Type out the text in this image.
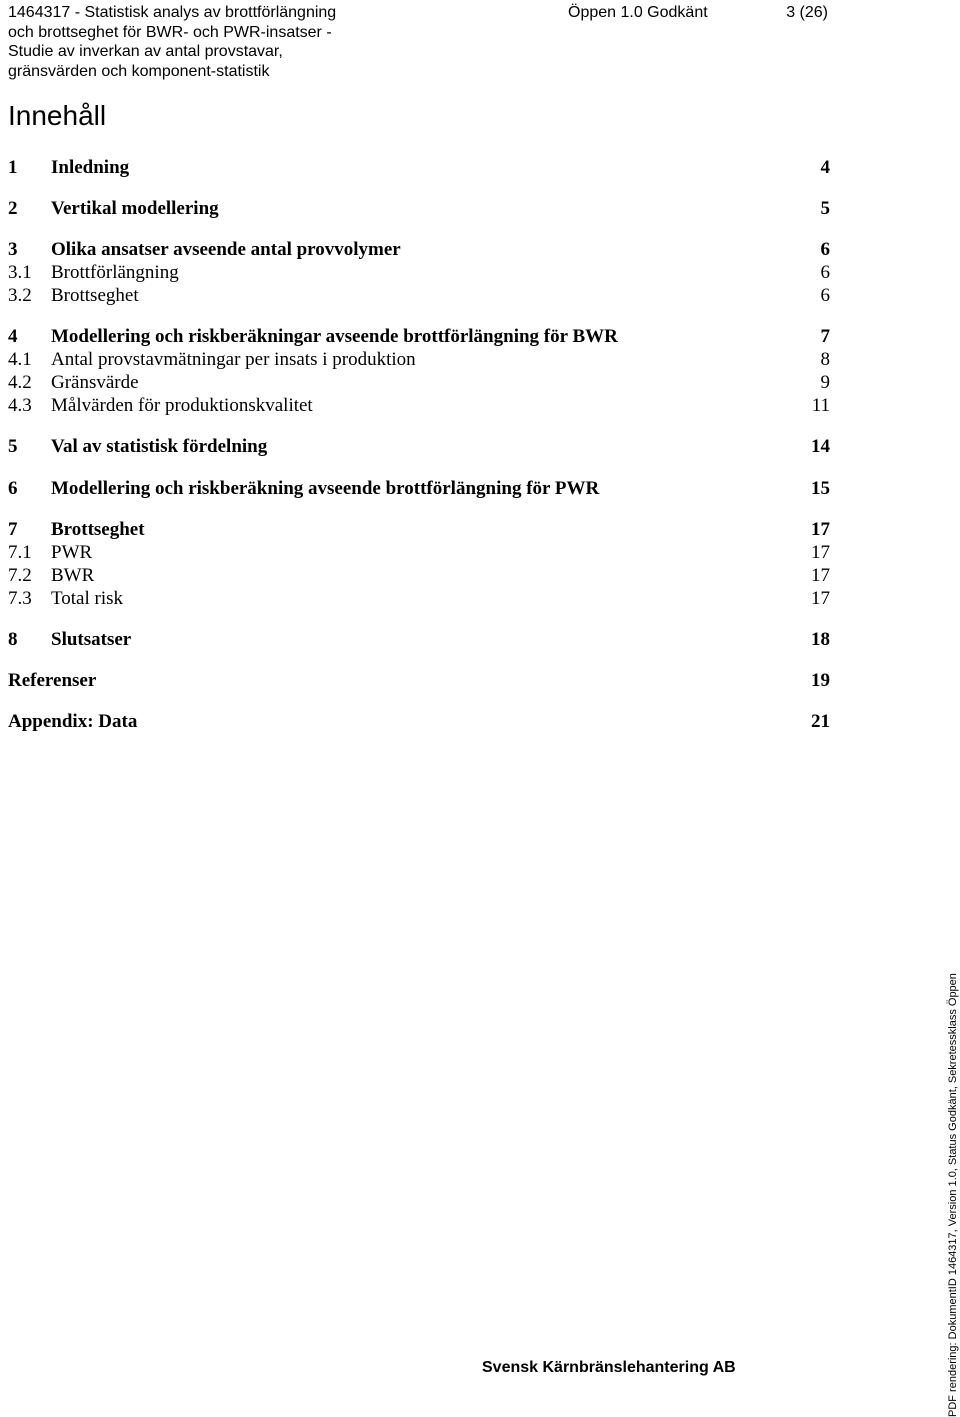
1464317 - Statistisk analys av brottförlängning	Öppen 1.0 Godkänt	3 (26)
och brottseghet för BWR- och PWR-insatser -
Studie av inverkan av antal provstavar,
gränsvärden och komponent-statistik
Innehåll
1 Inledning	4
2 Vertikal modellering	5
3 Olika ansatser avseende antal provvolymer	6
3.1 Brottförlängning	6
3.2 Brottseghet	6
4 Modellering och riskberäkningar avseende brottförlängning för BWR	7
4.1 Antal provstavmätningar per insats i produktion	8
4.2 Gränsvärde	9
4.3 Målvärden för produktionskvalitet	11
5 Val av statistisk fördelning	14
6 Modellering och riskberäkning avseende brottförlängning för PWR	15
7 Brottseghet	17
7.1 PWR	17
7.2 BWR	17
7.3 Total risk	17
8 Slutsatser	18
Referenser	19
Appendix: Data	21
Svensk Kärnbränslehantering AB	PDF rendering: DokumentID 1464317, Version 1.0, Status Godkänt, Sekretessklass Öppen
